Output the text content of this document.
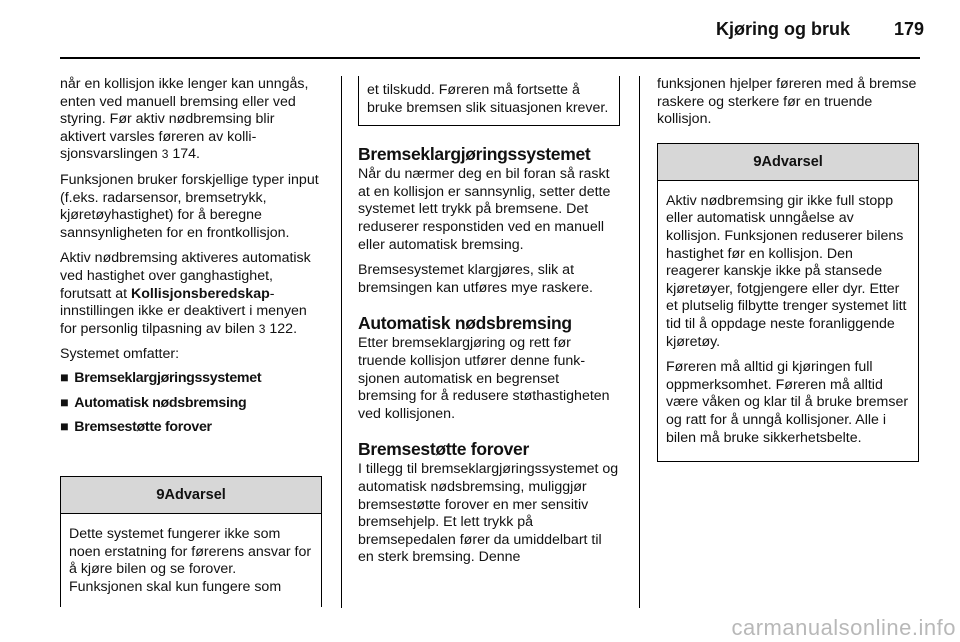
Kjøring og bruk 179

når en kollisjon ikke lenger kan unngås, enten ved manuell bremsing eller ved styring. Før aktiv nødbremsing blir aktivert varsles føreren av kollisjonsvarslingen 3 174.

Funksjonen bruker forskjellige typer input (f.eks. radarsensor, bremsetrykk, kjøretøyhastighet) for å beregne sannsynligheten for en frontkollisjon.

Aktiv nødbremsing aktiveres automatisk ved hastighet over ganghastighet, forutsatt at Kollisjonsberedskap-innstillingen ikke er deaktivert i menyen for personlig tilpasning av bilen 3 122.

Systemet omfatter:

■ Bremseklargjøringssystemet
■ Automatisk nødsbremsing
■ Bremsestøtte forover
9Advarsel
Dette systemet fungerer ikke som noen erstatning for førerens ansvar for å kjøre bilen og se forover. Funksjonen skal kun fungere som
et tilskudd. Føreren må fortsette å bruke bremsen slik situasjonen krever.
Bremseklargjøringssystemet

Når du nærmer deg en bil foran så raskt at en kollisjon er sannsynlig, setter dette systemet lett trykk på bremsene. Det reduserer responstiden ved en manuell eller automatisk bremsing.

Bremsesystemet klargjøres, slik at bremsingen kan utføres mye raskere.

Automatisk nødsbremsing

Etter bremseklargjøring og rett før truende kollisjon utfører denne funksjonen automatisk en begrenset bremsing for å redusere støthastigheten ved kollisjonen.

Bremsestøtte forover

I tillegg til bremseklargjøringssystemet og automatisk nødsbremsing, muliggjør bremsestøtte forover en mer sensitiv bremsehjelp. Et lett trykk på bremsepedalen fører da umiddelbart til en sterk bremsing. Denne

funksjonen hjelper føreren med å bremse raskere og sterkere før en truende kollisjon.

9Advarsel

Aktiv nødbremsing gir ikke full stopp eller automatisk unngåelse av kollisjon. Funksjonen reduserer bilens hastighet før en kollisjon. Den reagerer kanskje ikke på stansede kjøretøyer, fotgjengere eller dyr. Etter et plutselig filbytte trenger systemet litt tid til å oppdage neste foranliggende kjøretøy.

Føreren må alltid gi kjøringen full oppmerksomhet. Føreren må alltid være våken og klar til å bruke bremser og ratt for å unngå kollisjoner. Alle i bilen må bruke sikkerhetsbelte.

carmanualsonline.info
